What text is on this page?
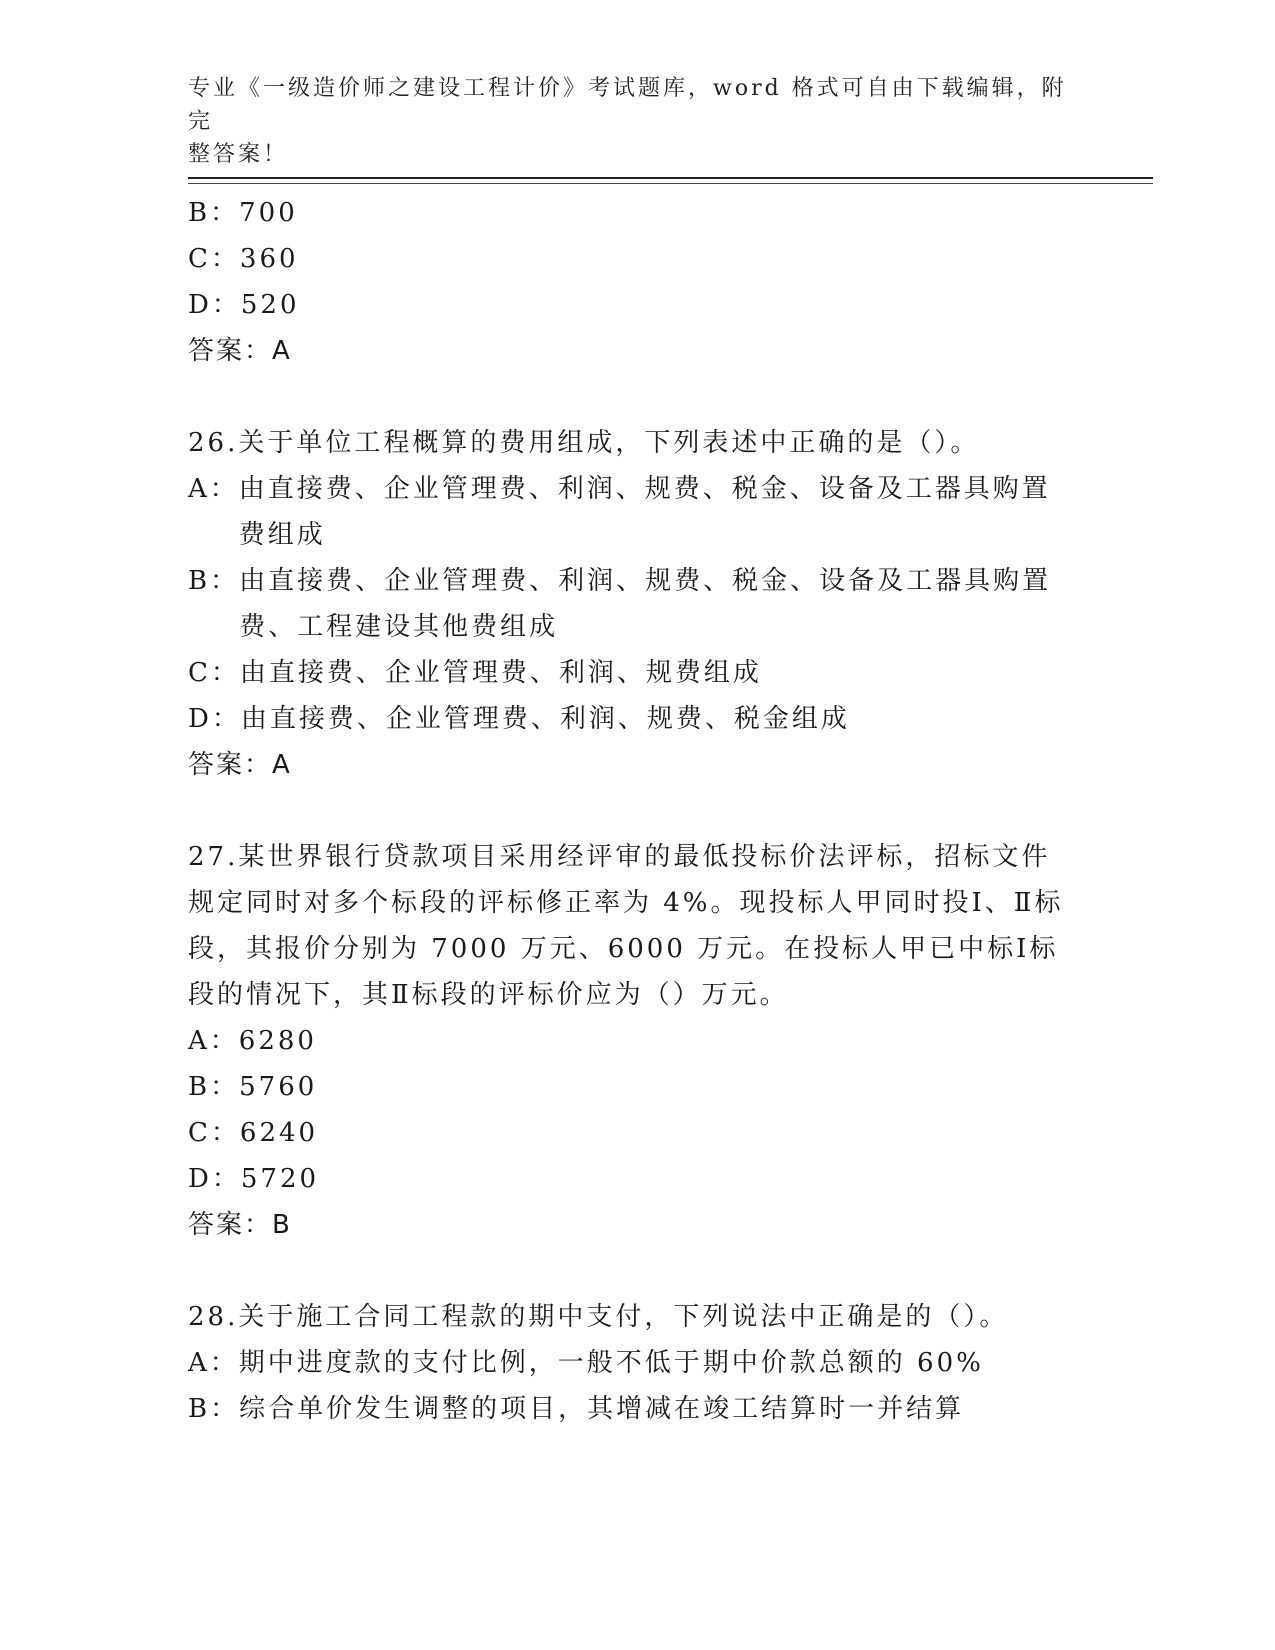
专业《一级造价师之建设工程计价》考试题库，word 格式可自由下载编辑，附完
整答案！
B： 700
C： 360
D： 520
答案：A
26.关于单位工程概算的费用组成，下列表述中正确的是（）。
A： 由直接费、企业管理费、利润、规费、税金、设备及工器具购置费组成
B： 由直接费、企业管理费、利润、规费、税金、设备及工器具购置费、工程建设其他费组成
C： 由直接费、企业管理费、利润、规费组成
D： 由直接费、企业管理费、利润、规费、税金组成
答案：A
27.某世界银行贷款项目采用经评审的最低投标价法评标，招标文件规定同时对多个标段的评标修正率为 4%。现投标人甲同时投Ⅰ、Ⅱ标段，其报价分别为 7000 万元、6000 万元。在投标人甲已中标Ⅰ标段的情况下，其Ⅱ标段的评标价应为（）万元。
A： 6280
B： 5760
C： 6240
D： 5720
答案：B
28.关于施工合同工程款的期中支付，下列说法中正确是的（）。
A： 期中进度款的支付比例，一般不低于期中价款总额的 60%
B： 综合单价发生调整的项目，其增减在竣工结算时一并结算
